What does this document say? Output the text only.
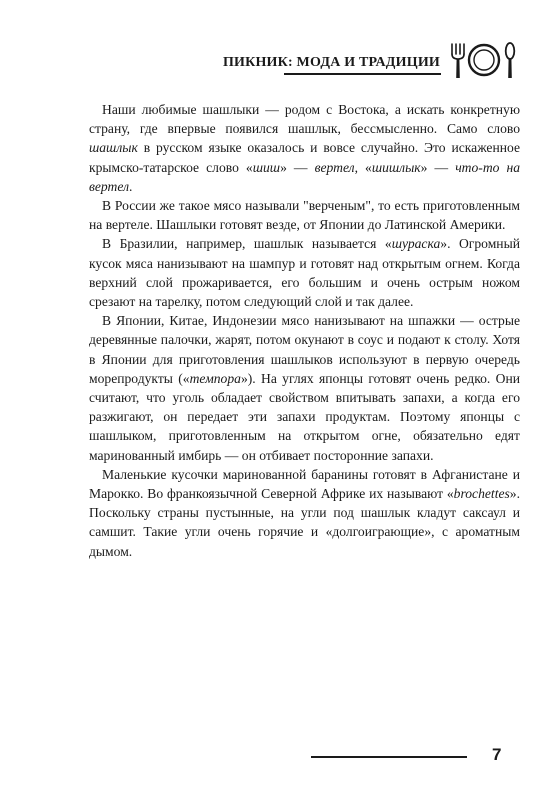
ПИКНИК: МОДА И ТРАДИЦИИ

Наши любимые шашлыки — родом с Востока, а искать конкретную страну, где впервые появился шашлык, бессмысленно. Само слово шашлык в русском языке оказалось и вовсе случайно. Это искаженное крымско-татарское слово «шиш» — вертел, «шишлык» — что-то на вертел.

В России же такое мясо называли "верченым", то есть приготовленным на вертеле. Шашлыки готовят везде, от Японии до Латинской Америки.

В Бразилии, например, шашлык называется «шураска». Огромный кусок мяса нанизывают на шампур и готовят над открытым огнем. Когда верхний слой прожаривается, его большим и очень острым ножом срезают на тарелку, потом следующий слой и так далее.

В Японии, Китае, Индонезии мясо нанизывают на шпажки — острые деревянные палочки, жарят, потом окунают в соус и подают к столу. Хотя в Японии для приготовления шашлыков используют в первую очередь морепродукты («темпора»). На углях японцы готовят очень редко. Они считают, что уголь обладает свойством впитывать запахи, а когда его разжигают, он передает эти запахи продуктам. Поэтому японцы с шашлыком, приготовленным на открытом огне, обязательно едят маринованный имбирь — он отбивает посторонние запахи.

Маленькие кусочки маринованной баранины готовят в Афганистане и Марокко. Во франкоязычной Северной Африке их называют «brochettes». Поскольку страны пустынные, на угли под шашлык кладут саксаул и самшит. Такие угли очень горячие и «долгоиграющие», с ароматным дымом.

7
